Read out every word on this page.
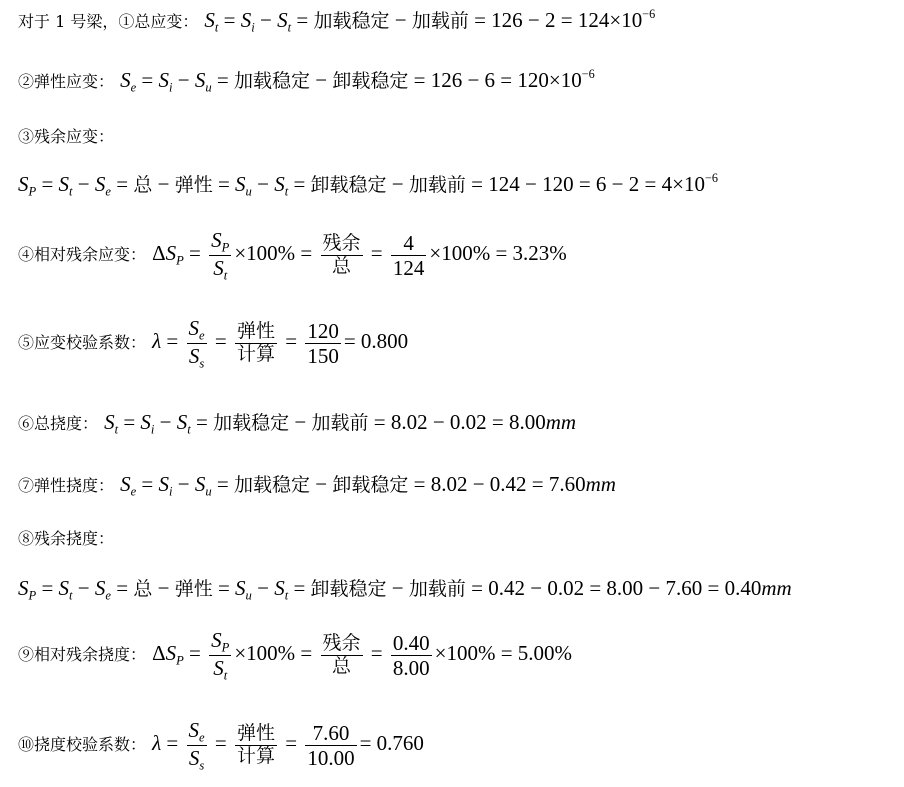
对于 1 号梁，①总应变： $S_t = S_i - S_t$ = 加载稳定 − 加载前 = $126 - 2 = 124\times 10^{-6}$
②弹性应变： $S_e = S_i - S_u$ = 加载稳定 − 卸载稳定 = $126 - 6 = 120\times 10^{-6}$
③残余应变：
$S_P = S_t - S_e$ = 总 − 弹性 = $S_u - S_t$ = 卸载稳定 − 加载前 = $124 - 120 = 6 - 2 = 4\times 10^{-6}$
④相对残余应变： $\Delta S_P = \frac{S_P}{S_t} \times 100\% = \frac{\text{残余}}{\text{总}} = \frac{4}{124} \times 100\% = 3.23\%$
⑤应变校验系数： $\lambda = \frac{S_e}{S_s} = \frac{\text{弹性}}{\text{计算}} = \frac{120}{150} = 0.800$
⑥总挠度： $S_t = S_i - S_t$ = 加载稳定 − 加载前 = 8.02 − 0.02 = 8.00mm
⑦弹性挠度： $S_e = S_i - S_u$ = 加载稳定 − 卸载稳定 = 8.02 − 0.42 = 7.60mm
⑧残余挠度：
$S_P = S_t - S_e$ = 总 − 弹性 = $S_u - S_t$ = 卸载稳定 − 加载前 = 0.42 − 0.02 = 8.00 − 7.60 = 0.40mm
⑨相对残余挠度： $\Delta S_P = \frac{S_P}{S_t} \times 100\% = \frac{\text{残余}}{\text{总}} = \frac{0.40}{8.00} \times 100\% = 5.00\%$
⑩挠度校验系数： $\lambda = \frac{S_e}{S_s} = \frac{\text{弹性}}{\text{计算}} = \frac{7.60}{10.00} = 0.760$
